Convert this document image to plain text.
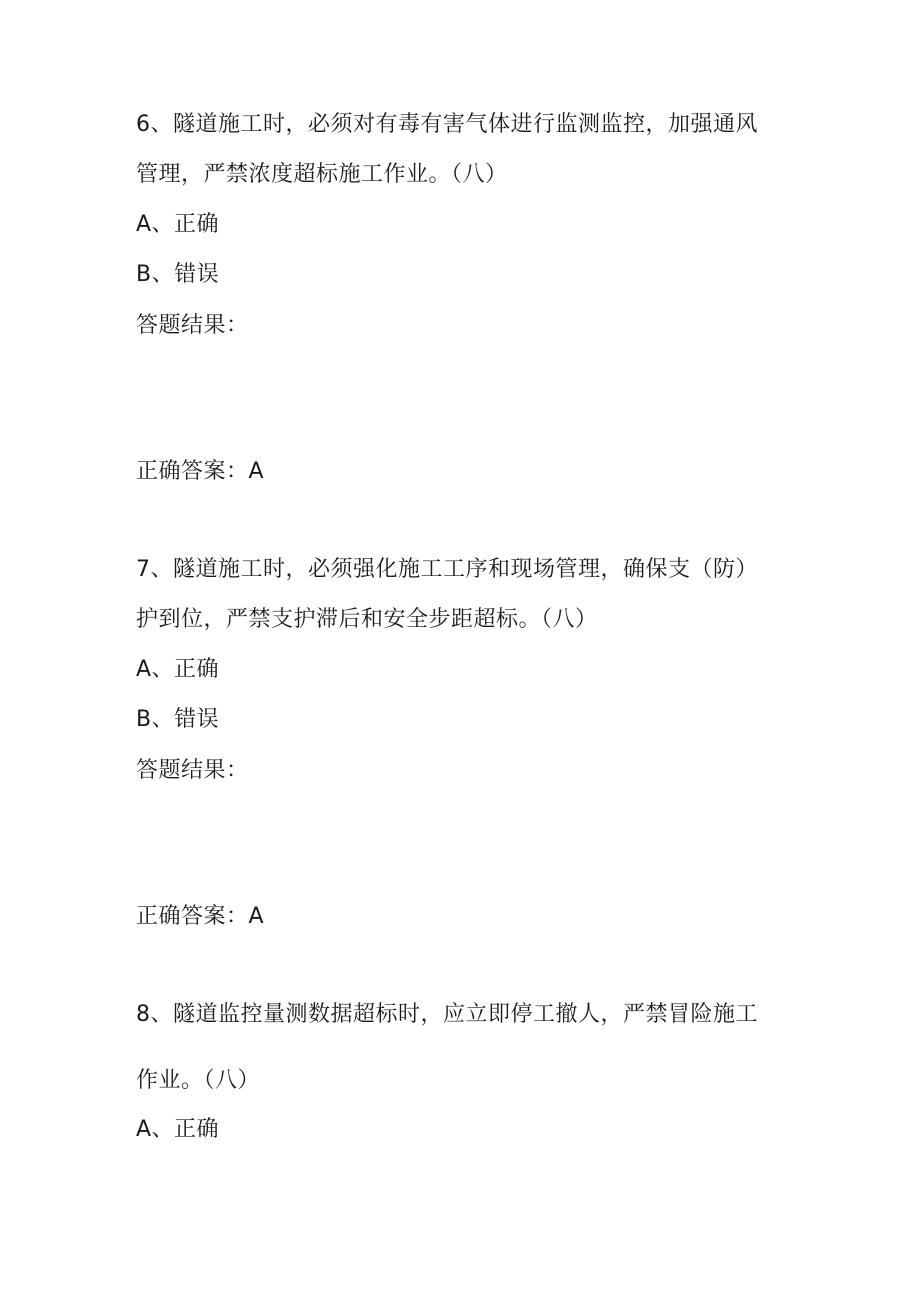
6、隧道施工时，必须对有毒有害气体进行监测监控，加强通风
管理，严禁浓度超标施工作业。（八）
A、正确
B、错误
答题结果：
正确答案：A
7、隧道施工时，必须强化施工工序和现场管理，确保支（防）
护到位，严禁支护滞后和安全步距超标。（八）
A、正确
B、错误
答题结果：
正确答案：A
8、隧道监控量测数据超标时，应立即停工撤人，严禁冒险施工
作业。（八）
A、正确
